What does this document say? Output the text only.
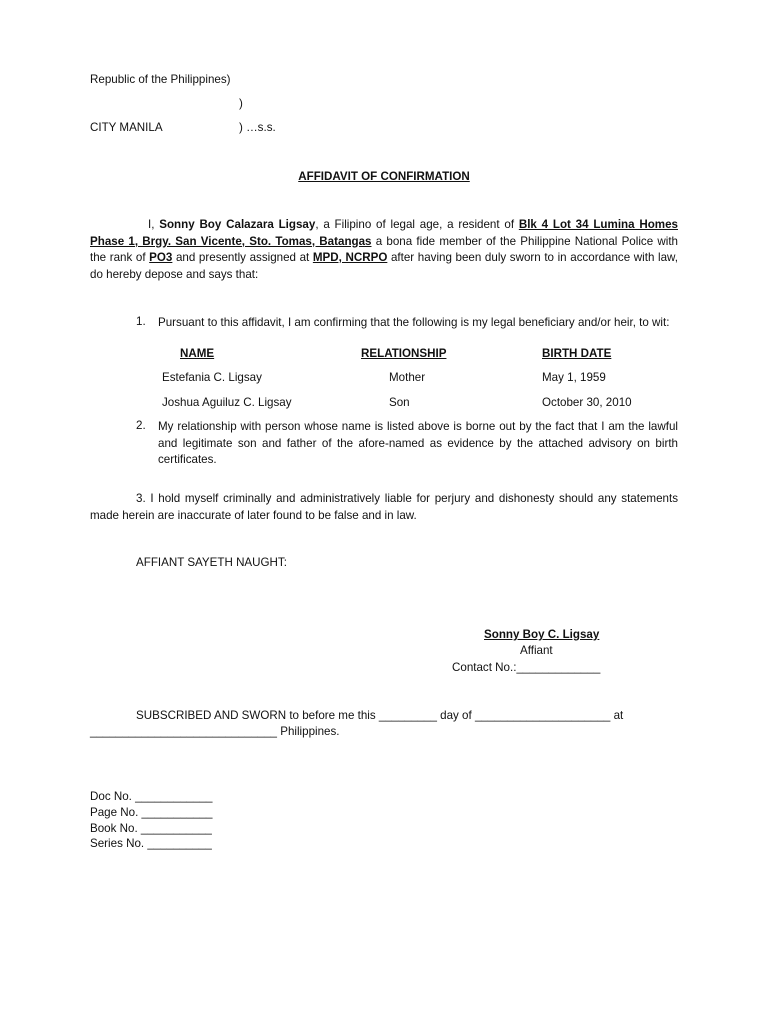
Republic of the Philippines)
)
CITY MANILA	) …s.s.
AFFIDAVIT OF CONFIRMATION
I, Sonny Boy Calazara Ligsay, a Filipino of legal age, a resident of Blk 4 Lot 34 Lumina Homes Phase 1, Brgy. San Vicente, Sto. Tomas, Batangas a bona fide member of the Philippine National Police with the rank of PO3 and presently assigned at MPD, NCRPO after having been duly sworn to in accordance with law, do hereby depose and says that:
1. Pursuant to this affidavit, I am confirming that the following is my legal beneficiary and/or heir, to wit:
NAME	RELATIONSHIP	BIRTH DATE
Estefania C. Ligsay	Mother	May 1, 1959
Joshua Aguiluz C. Ligsay	Son	October 30, 2010
2. My relationship with person whose name is listed above is borne out by the fact that I am the lawful and legitimate son and father of the afore-named as evidence by the attached advisory on birth certificates.
3. I hold myself criminally and administratively liable for perjury and dishonesty should any statements made herein are inaccurate of later found to be false and in law.
AFFIANT SAYETH NAUGHT:
Sonny Boy C. Ligsay
Affiant
Contact No.:_____________
SUBSCRIBED AND SWORN to before me this _________ day of _____________________ at
_____________________________ Philippines.
Doc No. ____________
Page No. ___________
Book No. ___________
Series No. __________
